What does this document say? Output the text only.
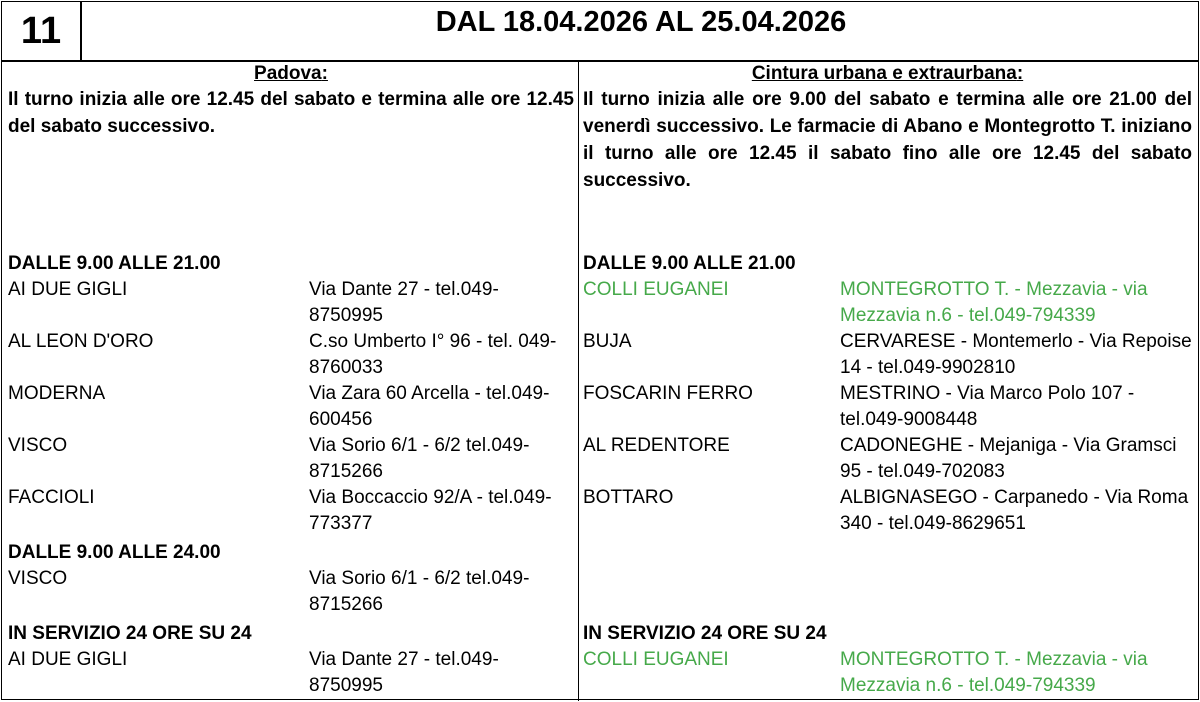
11	DAL 18.04.2026 AL 25.04.2026
Padova:
Il turno inizia alle ore 12.45 del sabato e termina alle ore 12.45 del sabato successivo.
DALLE 9.00 ALLE 21.00
AI DUE GIGLI	Via Dante 27 - tel.049-8750995
AL LEON D'ORO	C.so Umberto I° 96 - tel. 049-8760033
MODERNA	Via Zara 60 Arcella - tel.049-600456
VISCO	Via Sorio 6/1 - 6/2 tel.049-8715266
FACCIOLI	Via Boccaccio 92/A - tel.049-773377
DALLE 9.00 ALLE 24.00
VISCO	Via Sorio 6/1 - 6/2 tel.049-8715266
IN SERVIZIO 24 ORE SU 24
AI DUE GIGLI	Via Dante 27 - tel.049-8750995
Cintura urbana e extraurbana:
Il turno inizia alle ore 9.00 del sabato e termina alle ore 21.00 del venerdì successivo. Le farmacie di Abano e Montegrotto T. iniziano il turno alle ore 12.45 il sabato fino alle ore 12.45 del sabato successivo.
DALLE 9.00 ALLE 21.00
COLLI EUGANEI	MONTEGROTTO T. - Mezzavia - via Mezzavia n.6 - tel.049-794339
BUJA	CERVARESE - Montemerlo - Via Repoise 14 - tel.049-9902810
FOSCARIN FERRO	MESTRINO - Via Marco Polo 107 - tel.049-9008448
AL REDENTORE	CADONEGHE - Mejaniga - Via Gramsci 95 - tel.049-702083
BOTTARO	ALBIGNASEGO - Carpanedo - Via Roma 340 - tel.049-8629651
IN SERVIZIO 24 ORE SU 24
COLLI EUGANEI	MONTEGROTTO T. - Mezzavia - via Mezzavia n.6 - tel.049-794339
